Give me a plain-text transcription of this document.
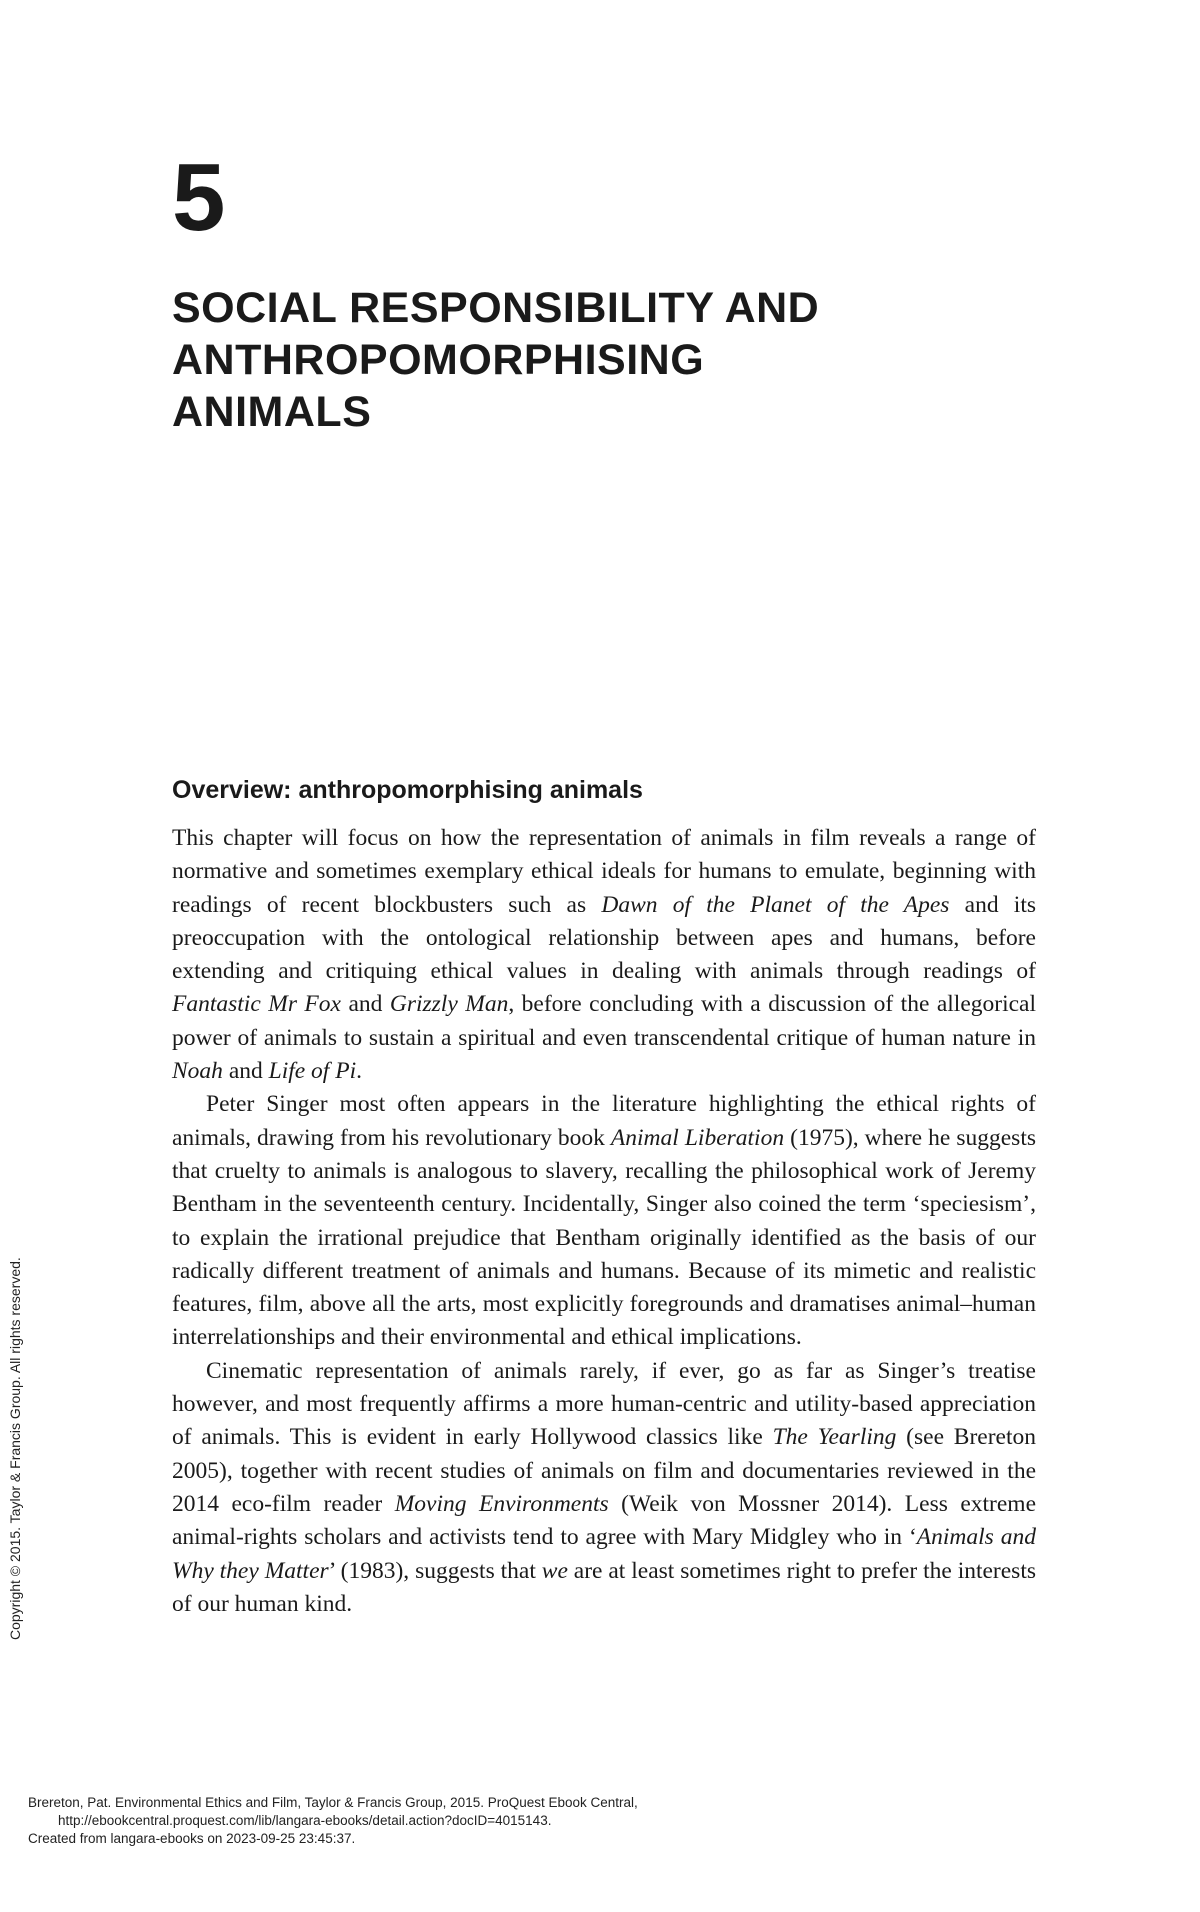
5
SOCIAL RESPONSIBILITY AND
ANTHROPOMORPHISING
ANIMALS
Overview: anthropomorphising animals

This chapter will focus on how the representation of animals in film reveals a range of normative and sometimes exemplary ethical ideals for humans to emulate, beginning with readings of recent blockbusters such as Dawn of the Planet of the Apes and its preoccupation with the ontological relationship between apes and humans, before extending and critiquing ethical values in dealing with animals through readings of Fantastic Mr Fox and Grizzly Man, before concluding with a discussion of the allegorical power of animals to sustain a spiritual and even transcendental critique of human nature in Noah and Life of Pi.

Peter Singer most often appears in the literature highlighting the ethical rights of animals, drawing from his revolutionary book Animal Liberation (1975), where he suggests that cruelty to animals is analogous to slavery, recalling the philosophical work of Jeremy Bentham in the seventeenth century. Incidentally, Singer also coined the term ‘speciesism’, to explain the irrational prejudice that Bentham originally identified as the basis of our radically different treatment of animals and humans. Because of its mimetic and realistic features, film, above all the arts, most explicitly foregrounds and dramatises animal–human interrelationships and their environmental and ethical implications.

Cinematic representation of animals rarely, if ever, go as far as Singer’s treatise however, and most frequently affirms a more human-centric and utility-based appreciation of animals. This is evident in early Hollywood classics like The Yearling (see Brereton 2005), together with recent studies of animals on film and documentaries reviewed in the 2014 eco-film reader Moving Environments (Weik von Mossner 2014). Less extreme animal-rights scholars and activists tend to agree with Mary Midgley who in ‘Animals and Why they Matter’ (1983), suggests that we are at least sometimes right to prefer the interests of our human kind.

Copyright © 2015. Taylor & Francis Group. All rights reserved.
Brereton, Pat. Environmental Ethics and Film, Taylor & Francis Group, 2015. ProQuest Ebook Central,
http://ebookcentral.proquest.com/lib/langara-ebooks/detail.action?docID=4015143.
Created from langara-ebooks on 2023-09-25 23:45:37.
